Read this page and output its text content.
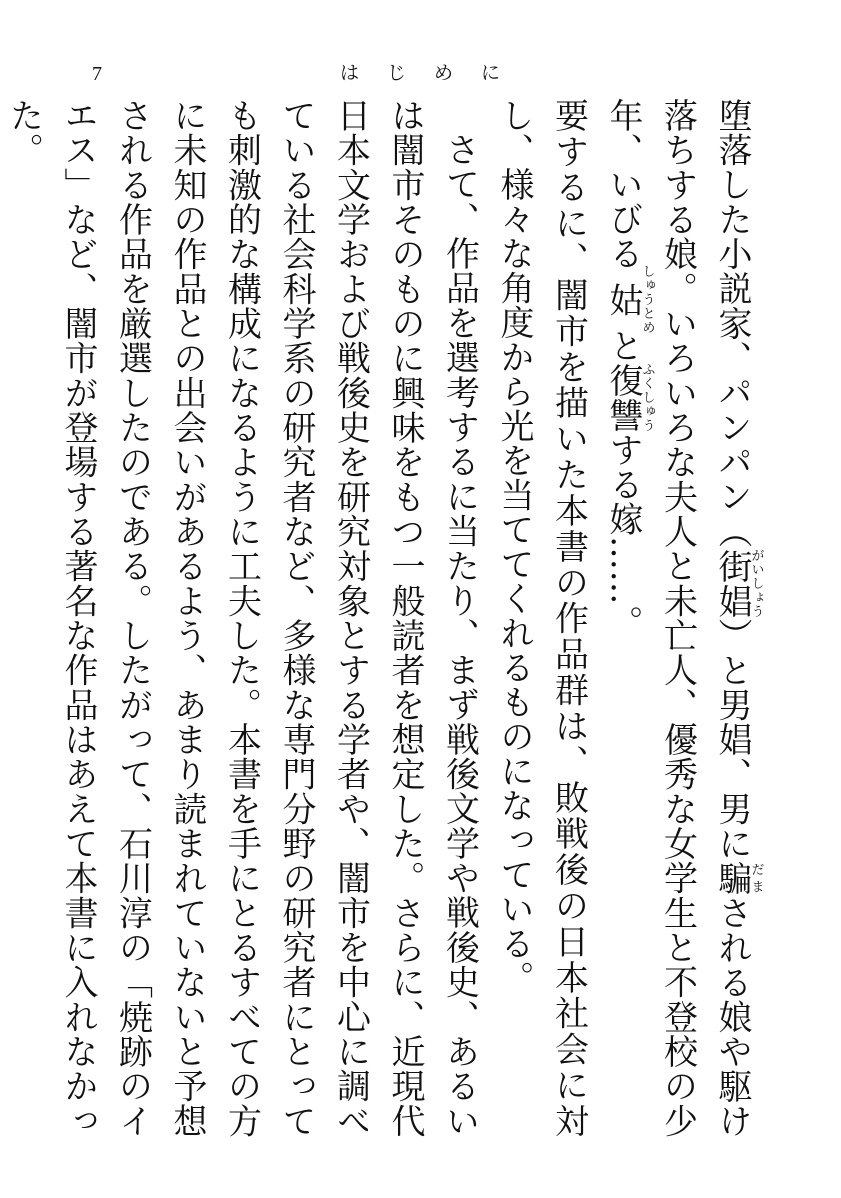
7	はじめに

堕落した小説家、パンパン（街娼がいしょう）と男娼、男に騙だまされる娘や駆け落ちする娘。いろいろな夫人と未亡人、優秀な女学生と不登校の少年、いびる姑しゅうとめと復讐ふくしゅうする嫁……。

要するに、闇市を描いた本書の作品群は、敗戦後の日本社会に対し、様々な角度から光を当ててくれるものになっている。

さて、作品を選考するに当たり、まず戦後文学や戦後史、あるいは闇市そのものに興味をもつ一般読者を想定した。さらに、近現代日本文学および戦後史を研究対象とする学者や、闇市を中心に調べている社会科学系の研究者など、多様な専門分野の研究者にとっても刺激的な構成になるように工夫した。本書を手にとるすべての方に未知の作品との出会いがあるよう、あまり読まれていないと予想される作品を厳選したのである。したがって、石川淳の「焼跡のイエス」など、闇市が登場する著名な作品はあえて本書に入れなかった。
